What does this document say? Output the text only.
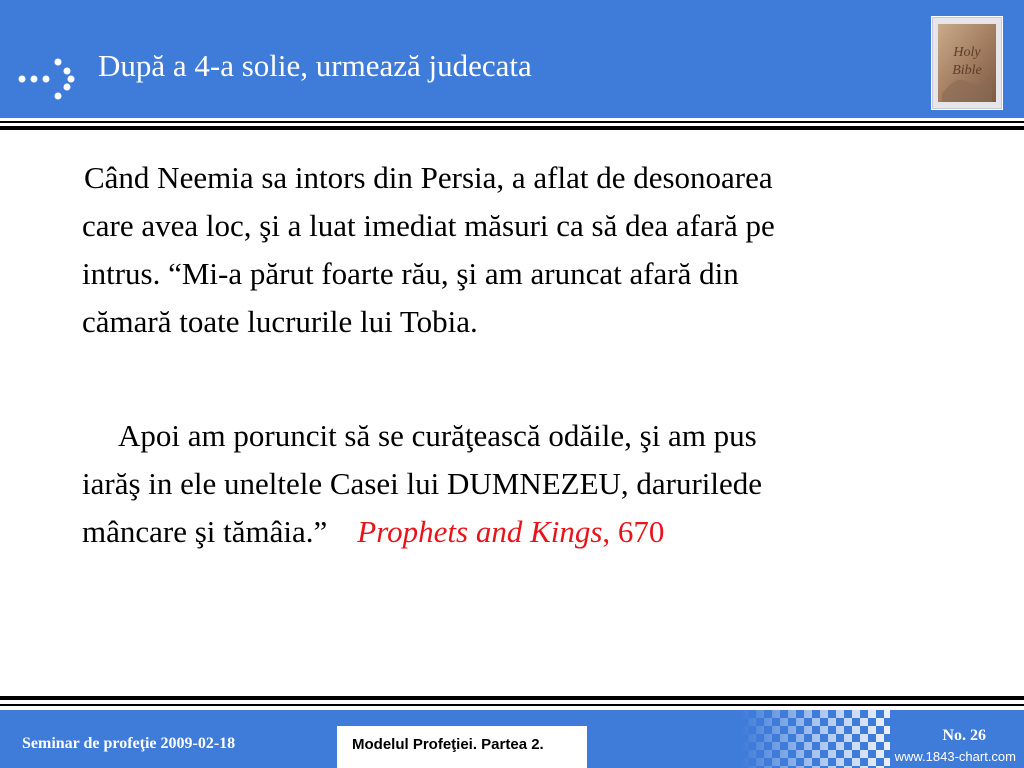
După a 4-a solie, urmează judecata	Holy
Bible
Când Neemia sa intors din Persia, a aflat de desonoarea
care avea loc, şi a luat imediat măsuri ca să dea afară pe
intrus. “Mi-a părut foarte rău, şi am aruncat afară din
cămară toate lucrurile lui Tobia.
Apoi am poruncit să se curăţească odăile, şi am pus
iarăş in ele uneltele Casei lui DUMNEZEU, darurilede
mâncare şi tămâia.” Prophets and Kings, 670
Seminar de profeţie 2009-02-18	Modelul Profeţiei. Partea 2.
No. 26
www.1843-chart.com
